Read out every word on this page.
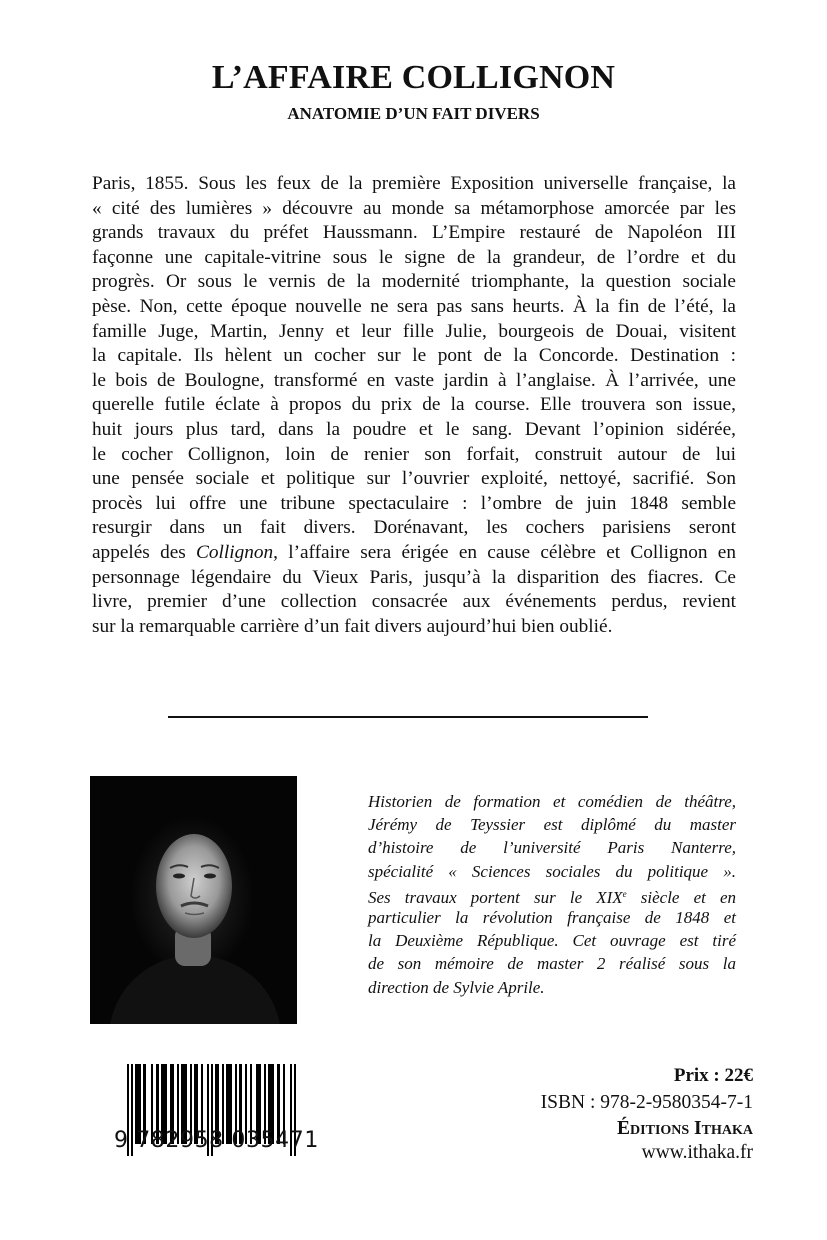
L’AFFAIRE COLLIGNON
ANATOMIE D’UN FAIT DIVERS
Paris, 1855. Sous les feux de la première Exposition universelle française, la
« cité des lumières » découvre au monde sa métamorphose amorcée par les
grands travaux du préfet Haussmann. L’Empire restauré de Napoléon III
façonne une capitale-vitrine sous le signe de la grandeur, de l’ordre et du
progrès. Or sous le vernis de la modernité triomphante, la question sociale
pèse. Non, cette époque nouvelle ne sera pas sans heurts. À la fin de l’été, la
famille Juge, Martin, Jenny et leur fille Julie, bourgeois de Douai, visitent
la capitale. Ils hèlent un cocher sur le pont de la Concorde. Destination :
le bois de Boulogne, transformé en vaste jardin à l’anglaise. À l’arrivée, une
querelle futile éclate à propos du prix de la course. Elle trouvera son issue,
huit jours plus tard, dans la poudre et le sang. Devant l’opinion sidérée,
le cocher Collignon, loin de renier son forfait, construit autour de lui
une pensée sociale et politique sur l’ouvrier exploité, nettoyé, sacrifié. Son
procès lui offre une tribune spectaculaire : l’ombre de juin 1848 semble
resurgir dans un fait divers. Dorénavant, les cochers parisiens seront
appelés des Collignon, l’affaire sera érigée en cause célèbre et Collignon en
personnage légendaire du Vieux Paris, jusqu’à la disparition des fiacres. Ce
livre, premier d’une collection consacrée aux événements perdus, revient
sur la remarquable carrière d’un fait divers aujourd’hui bien oublié.
Historien de formation et comédien de théâtre,
Jérémy de Teyssier est diplômé du master
d’histoire de l’université Paris Nanterre,
spécialité « Sciences sociales du politique ».
Ses travaux portent sur le XIXe siècle et en
particulier la révolution française de 1848 et
la Deuxième République. Cet ouvrage est tiré
de son mémoire de master 2 réalisé sous la
direction de Sylvie Aprile.
9 782958 035471
Prix : 22€
ISBN : 978-2-9580354-7-1
Éditions Ithaka
www.ithaka.fr
